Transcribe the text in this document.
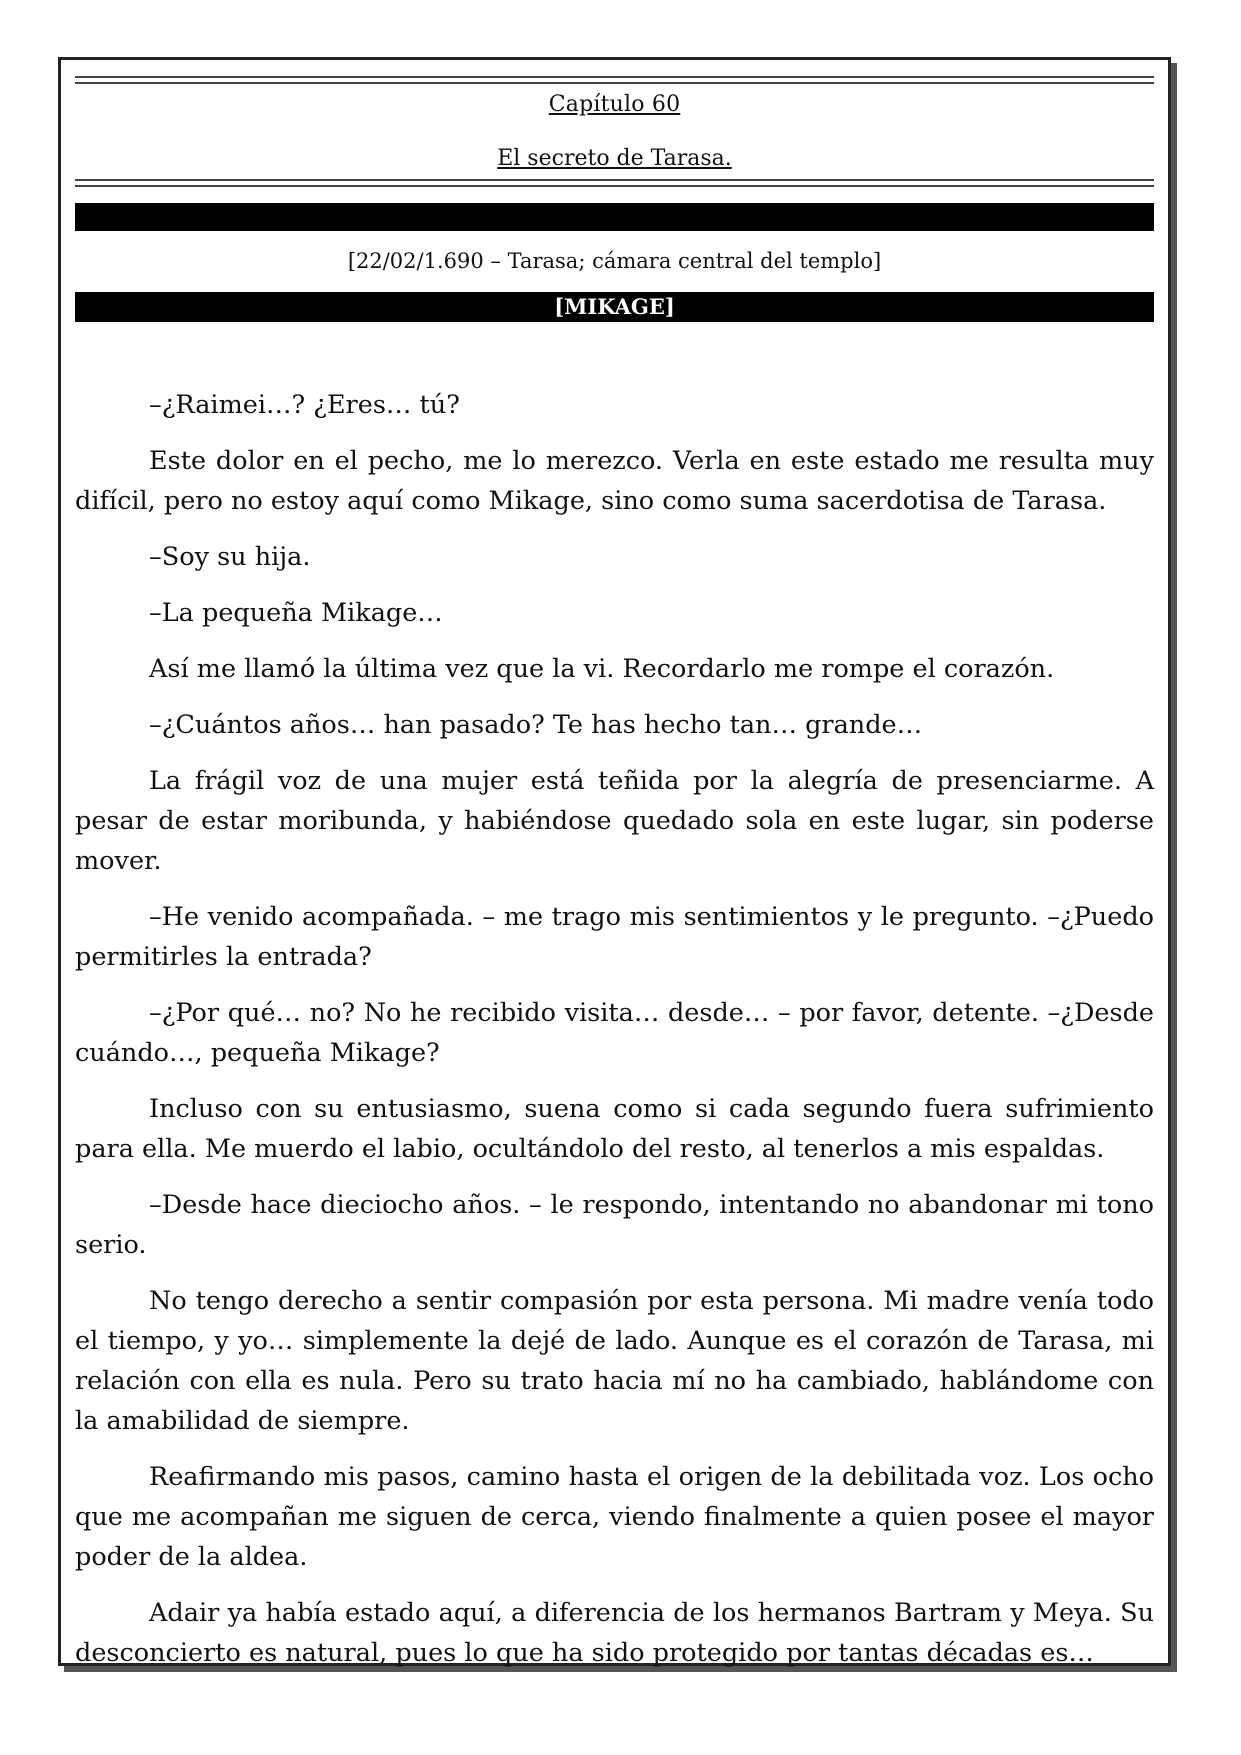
Capítulo 60
El secreto de Tarasa.
[22/02/1.690 – Tarasa; cámara central del templo]
[MIKAGE]

–¿Raimei…? ¿Eres… tú?

Este dolor en el pecho, me lo merezco. Verla en este estado me resulta muy difícil, pero no estoy aquí como Mikage, sino como suma sacerdotisa de Tarasa.

–Soy su hija.

–La pequeña Mikage…

Así me llamó la última vez que la vi. Recordarlo me rompe el corazón.

–¿Cuántos años… han pasado? Te has hecho tan… grande…

La frágil voz de una mujer está teñida por la alegría de presenciarme. A pesar de estar moribunda, y habiéndose quedado sola en este lugar, sin poderse mover.

–He venido acompañada. – me trago mis sentimientos y le pregunto. –¿Puedo permitirles la entrada?

–¿Por qué… no? No he recibido visita… desde… – por favor, detente. –¿Desde cuándo…, pequeña Mikage?

Incluso con su entusiasmo, suena como si cada segundo fuera sufrimiento para ella. Me muerdo el labio, ocultándolo del resto, al tenerlos a mis espaldas.

–Desde hace dieciocho años. – le respondo, intentando no abandonar mi tono serio.

No tengo derecho a sentir compasión por esta persona. Mi madre venía todo el tiempo, y yo… simplemente la dejé de lado. Aunque es el corazón de Tarasa, mi relación con ella es nula. Pero su trato hacia mí no ha cambiado, hablándome con la amabilidad de siempre.

Reafirmando mis pasos, camino hasta el origen de la debilitada voz. Los ocho que me acompañan me siguen de cerca, viendo finalmente a quien posee el mayor poder de la aldea.

Adair ya había estado aquí, a diferencia de los hermanos Bartram y Meya. Su desconcierto es natural, pues lo que ha sido protegido por tantas décadas es…
